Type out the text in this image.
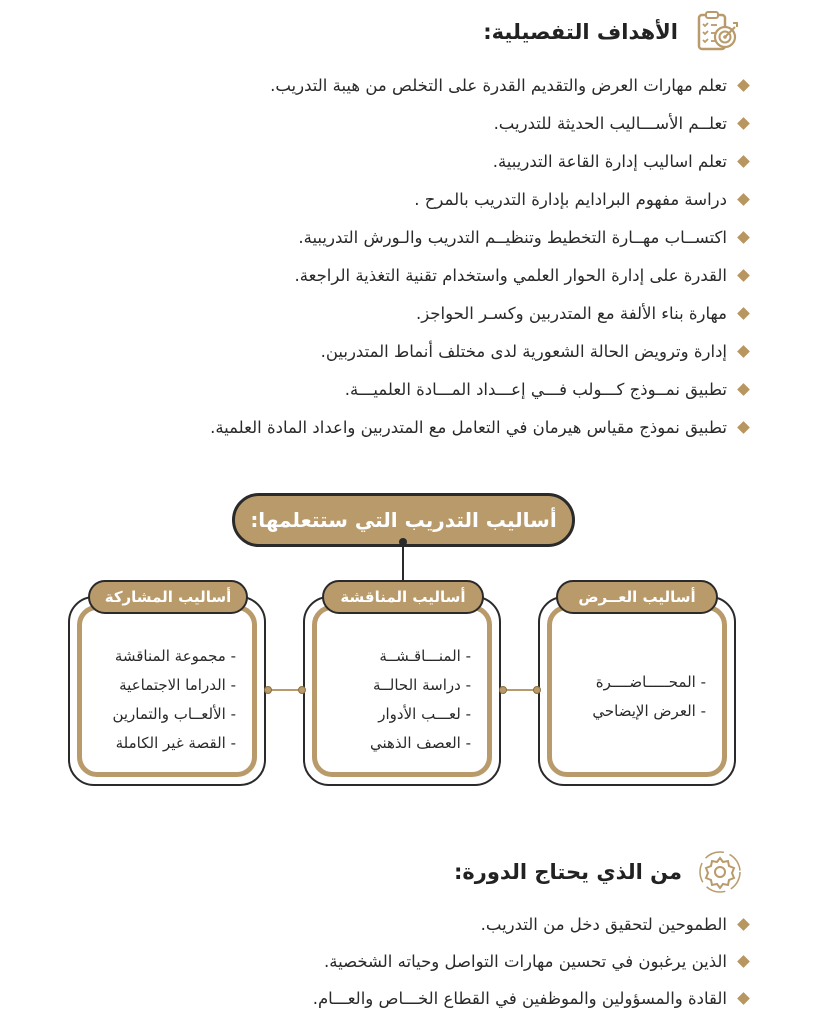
الأهداف التفصيلية:
تعلم مهارات العرض والتقديم القدرة على التخلص من هيبة التدريب.
تعلــم الأســـاليب الحديثة للتدريب.
تعلم اساليب إدارة القاعة التدريبية.
دراسة مفهوم البرادايم بإدارة التدريب بالمرح .
اكتســاب مهــارة التخطيط وتنظيــم التدريب والـورش التدريبية.
القدرة على إدارة الحوار العلمي واستخدام تقنية التغذية الراجعة.
مهارة بناء الألفة مع المتدربين وكسـر الحواجز.
إدارة وترويض الحالة الشعورية لدى مختلف أنماط المتدربين.
تطبيق نمــوذج كـــولب فـــي إعـــداد المـــادة العلميـــة.
تطبيق نموذج مقياس هيرمان في التعامل مع المتدربين واعداد المادة العلمية.
أساليب التدريب التي ستتعلمها:
- المحـــــاضــــرة
- العرض الإيضاحي
أساليب العــرض
- المنـــاقـشــة
- دراسة الحالــة
- لعـــب الأدوار
- العصف الذهني
أساليب المناقشة
- مجموعة المناقشة
- الدراما الاجتماعية
- الألعــاب والتمارين
- القصة غير الكاملة
أساليب المشاركة
من الذي يحتاج الدورة:
الطموحين لتحقيق دخل من التدريب.
الذين يرغبون في تحسين مهارات التواصل وحياته الشخصية.
القادة والمسؤولين والموظفين في القطاع الخـــاص والعـــام.
